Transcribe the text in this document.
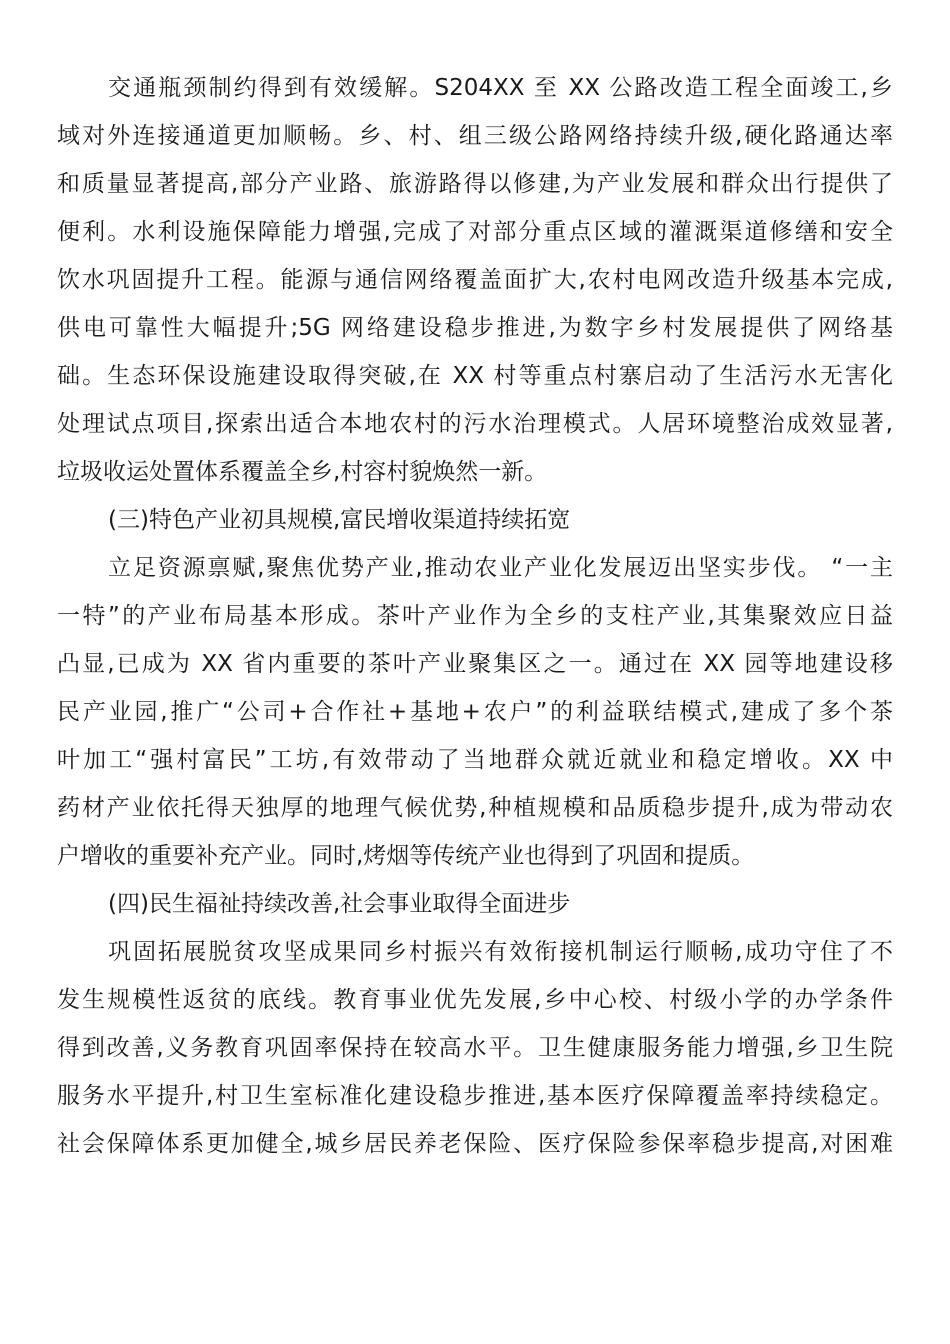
交通瓶颈制约得到有效缓解。S204XX 至 XX 公路改造工程全面竣工,乡
域对外连接通道更加顺畅。乡、村、组三级公路网络持续升级,硬化路通达率
和质量显著提高,部分产业路、旅游路得以修建,为产业发展和群众出行提供了
便利。水利设施保障能力增强,完成了对部分重点区域的灌溉渠道修缮和安全
饮水巩固提升工程。能源与通信网络覆盖面扩大,农村电网改造升级基本完成,
供电可靠性大幅提升;5G 网络建设稳步推进,为数字乡村发展提供了网络基
础。生态环保设施建设取得突破,在 XX 村等重点村寨启动了生活污水无害化
处理试点项目,探索出适合本地农村的污水治理模式。人居环境整治成效显著,
垃圾收运处置体系覆盖全乡,村容村貌焕然一新。
(三)特色产业初具规模,富民增收渠道持续拓宽
立足资源禀赋,聚焦优势产业,推动农业产业化发展迈出坚实步伐。 “一主
一特”的产业布局基本形成。茶叶产业作为全乡的支柱产业,其集聚效应日益
凸显,已成为 XX 省内重要的茶叶产业聚集区之一。通过在 XX 园等地建设移
民产业园,推广“公司+合作社+基地+农户”的利益联结模式,建成了多个茶
叶加工“强村富民”工坊,有效带动了当地群众就近就业和稳定增收。XX 中
药材产业依托得天独厚的地理气候优势,种植规模和品质稳步提升,成为带动农
户增收的重要补充产业。同时,烤烟等传统产业也得到了巩固和提质。
(四)民生福祉持续改善,社会事业取得全面进步
巩固拓展脱贫攻坚成果同乡村振兴有效衔接机制运行顺畅,成功守住了不
发生规模性返贫的底线。教育事业优先发展,乡中心校、村级小学的办学条件
得到改善,义务教育巩固率保持在较高水平。卫生健康服务能力增强,乡卫生院
服务水平提升,村卫生室标准化建设稳步推进,基本医疗保障覆盖率持续稳定。
社会保障体系更加健全,城乡居民养老保险、医疗保险参保率稳步提高,对困难
